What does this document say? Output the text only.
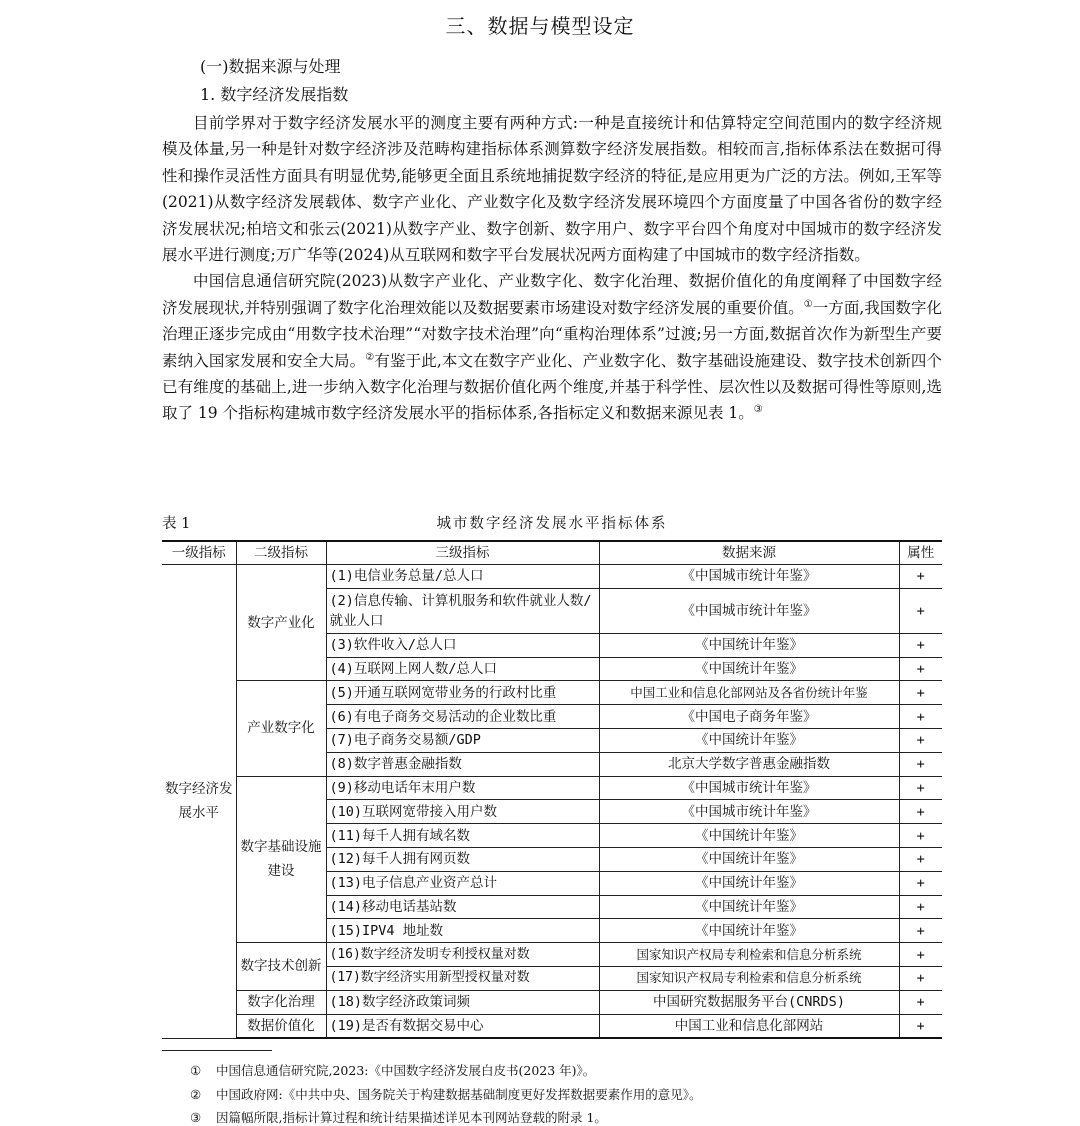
三、数据与模型设定
(一)数据来源与处理
1. 数字经济发展指数

目前学界对于数字经济发展水平的测度主要有两种方式:一种是直接统计和估算特定空间范围内的数字经济规模及体量,另一种是针对数字经济涉及范畴构建指标体系测算数字经济发展指数。相较而言,指标体系法在数据可得性和操作灵活性方面具有明显优势,能够更全面且系统地捕捉数字经济的特征,是应用更为广泛的方法。例如,王军等(2021)从数字经济发展载体、数字产业化、产业数字化及数字经济发展环境四个方面度量了中国各省份的数字经济发展状况;柏培文和张云(2021)从数字产业、数字创新、数字用户、数字平台四个角度对中国城市的数字经济发展水平进行测度;万广华等(2024)从互联网和数字平台发展状况两方面构建了中国城市的数字经济指数。

中国信息通信研究院(2023)从数字产业化、产业数字化、数字化治理、数据价值化的角度阐释了中国数字经济发展现状,并特别强调了数字化治理效能以及数据要素市场建设对数字经济发展的重要价值。①一方面,我国数字化治理正逐步完成由“用数字技术治理”“对数字技术治理”向“重构治理体系”过渡;另一方面,数据首次作为新型生产要素纳入国家发展和安全大局。②有鉴于此,本文在数字产业化、产业数字化、数字基础设施建设、数字技术创新四个已有维度的基础上,进一步纳入数字化治理与数据价值化两个维度,并基于科学性、层次性以及数据可得性等原则,选取了 19 个指标构建城市数字经济发展水平的指标体系,各指标定义和数据来源见表 1。③

表 1	城市数字经济发展水平指标体系
一级指标	二级指标	三级指标	数据来源	属性
数字经济发展水平	数字产业化	(1)电信业务总量/总人口	《中国城市统计年鉴》	+
		(2)信息传输、计算机服务和软件就业人数/就业人口	《中国城市统计年鉴》	+
		(3)软件收入/总人口	《中国统计年鉴》	+
		(4)互联网上网人数/总人口	《中国统计年鉴》	+
	产业数字化	(5)开通互联网宽带业务的行政村比重	中国工业和信息化部网站及各省份统计年鉴	+
		(6)有电子商务交易活动的企业数比重	《中国电子商务年鉴》	+
		(7)电子商务交易额/GDP	《中国统计年鉴》	+
		(8)数字普惠金融指数	北京大学数字普惠金融指数	+
	数字基础设施建设	(9)移动电话年末用户数	《中国城市统计年鉴》	+
		(10)互联网宽带接入用户数	《中国城市统计年鉴》	+
		(11)每千人拥有域名数	《中国统计年鉴》	+
		(12)每千人拥有网页数	《中国统计年鉴》	+
		(13)电子信息产业资产总计	《中国统计年鉴》	+
		(14)移动电话基站数	《中国统计年鉴》	+
		(15)IPV4 地址数	《中国统计年鉴》	+
	数字技术创新	(16)数字经济发明专利授权量对数	国家知识产权局专利检索和信息分析系统	+
		(17)数字经济实用新型授权量对数	国家知识产权局专利检索和信息分析系统	+
	数字化治理	(18)数字经济政策词频	中国研究数据服务平台(CNRDS)	+
	数据价值化	(19)是否有数据交易中心	中国工业和信息化部网站	+
① 中国信息通信研究院,2023:《中国数字经济发展白皮书(2023 年)》。
② 中国政府网:《中共中央、国务院关于构建数据基础制度更好发挥数据要素作用的意见》。
③ 因篇幅所限,指标计算过程和统计结果描述详见本刊网站登载的附录 1。
